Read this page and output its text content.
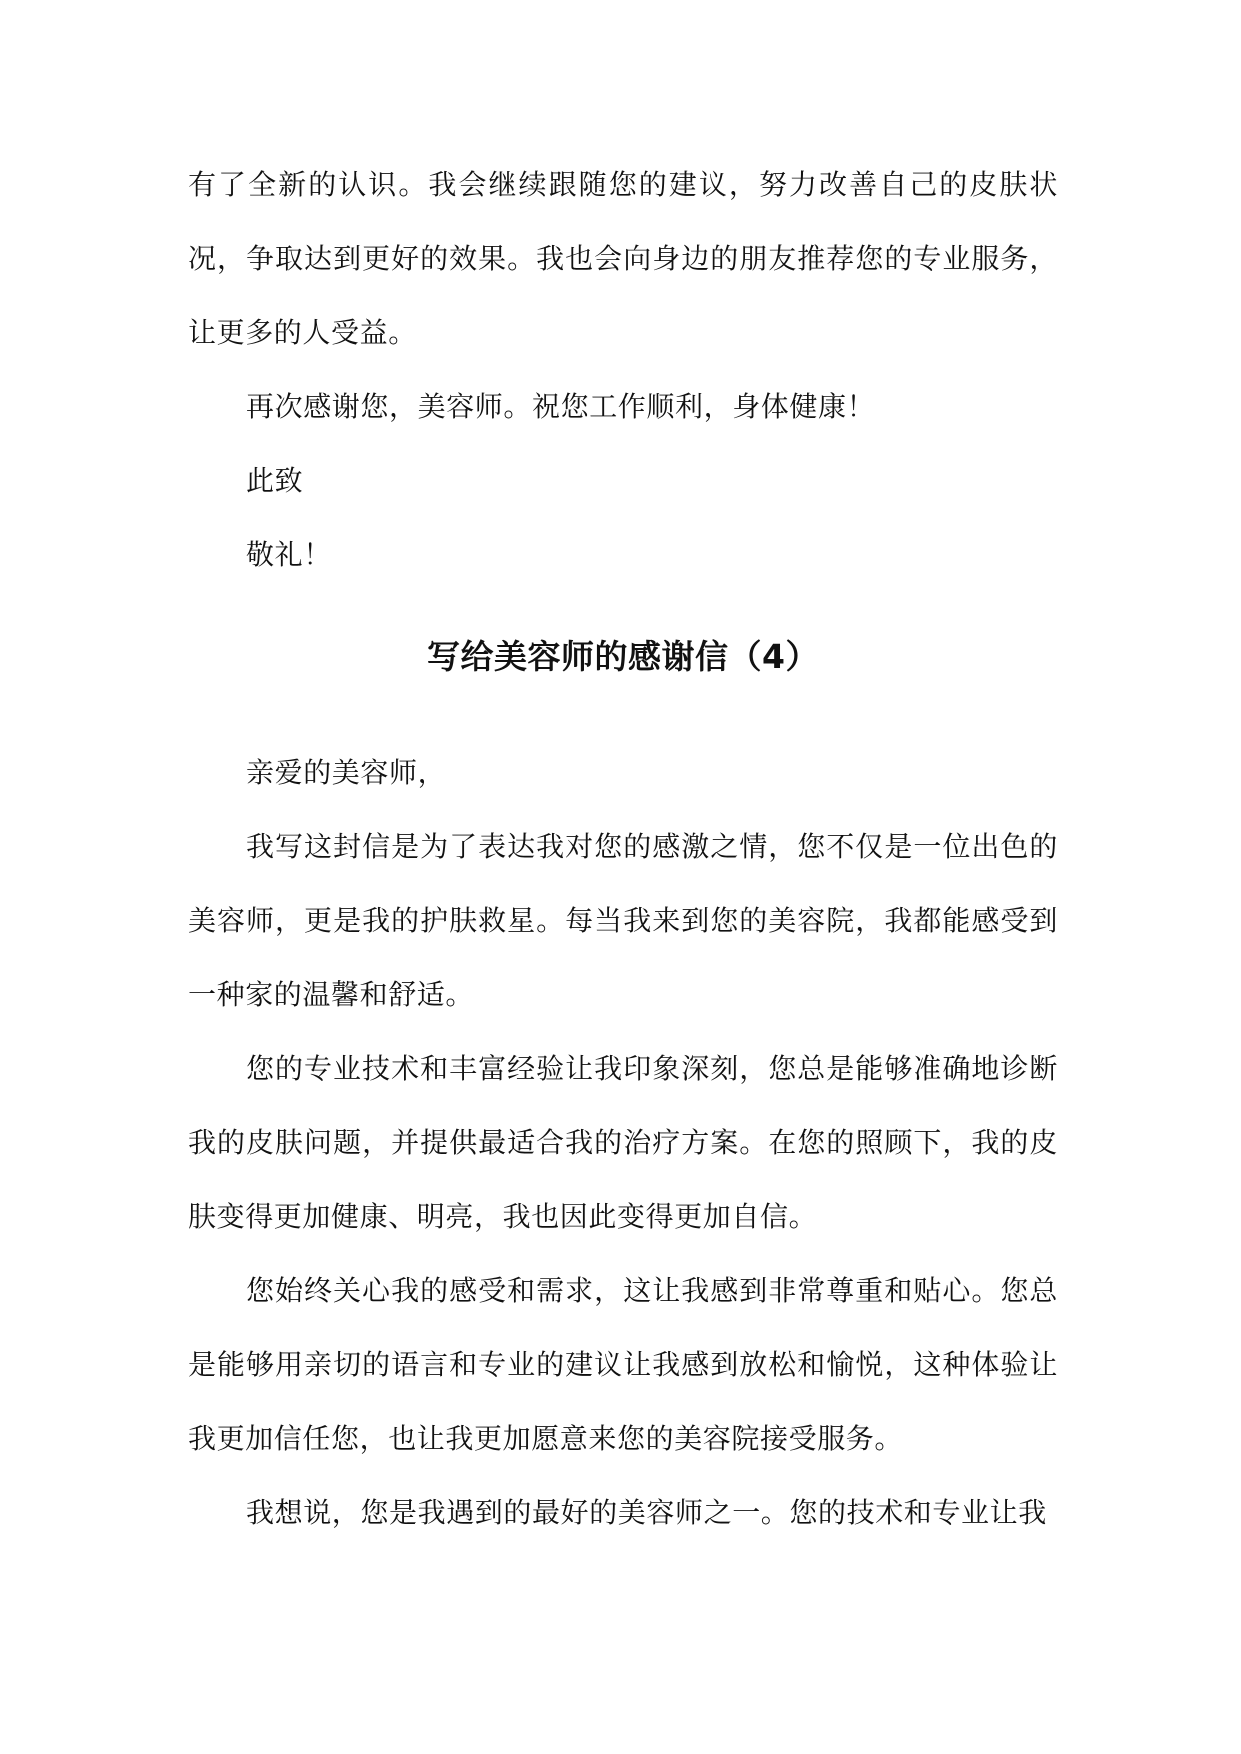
有了全新的认识。我会继续跟随您的建议，努力改善自己的皮肤状况，争取达到更好的效果。我也会向身边的朋友推荐您的专业服务，让更多的人受益。

再次感谢您，美容师。祝您工作顺利，身体健康！

此致

敬礼！

写给美容师的感谢信（4）

亲爱的美容师，

我写这封信是为了表达我对您的感激之情，您不仅是一位出色的美容师，更是我的护肤救星。每当我来到您的美容院，我都能感受到一种家的温馨和舒适。

您的专业技术和丰富经验让我印象深刻，您总是能够准确地诊断我的皮肤问题，并提供最适合我的治疗方案。在您的照顾下，我的皮肤变得更加健康、明亮，我也因此变得更加自信。

您始终关心我的感受和需求，这让我感到非常尊重和贴心。您总是能够用亲切的语言和专业的建议让我感到放松和愉悦，这种体验让我更加信任您，也让我更加愿意来您的美容院接受服务。

我想说，您是我遇到的最好的美容师之一。您的技术和专业让我
